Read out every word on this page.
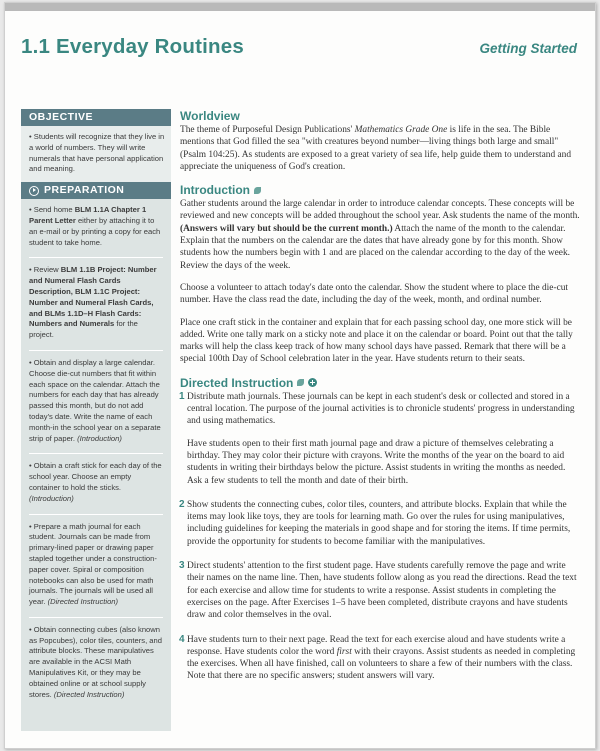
1.1 Everyday Routines	Getting Started
OBJECTIVE
• Students will recognize that they live in a world of numbers. They will write numerals that have personal application and meaning.
PREPARATION
• Send home BLM 1.1A Chapter 1 Parent Letter either by attaching it to an e-mail or by printing a copy for each student to take home.
• Review BLM 1.1B Project: Number and Numeral Flash Cards Description, BLM 1.1C Project: Number and Numeral Flash Cards, and BLMs 1.1D–H Flash Cards: Numbers and Numerals for the project.
• Obtain and display a large calendar. Choose die-cut numbers that fit within each space on the calendar. Attach the numbers for each day that has already passed this month, but do not add today's date. Write the name of each month-in the school year on a separate strip of paper. (Introduction)
• Obtain a craft stick for each day of the school year. Choose an empty container to hold the sticks. (Introduction)
• Prepare a math journal for each student. Journals can be made from primary-lined paper or drawing paper stapled together under a construction-paper cover. Spiral or composition notebooks can also be used for math journals. The journals will be used all year. (Directed Instruction)
• Obtain connecting cubes (also known as Popcubes), color tiles, counters, and attribute blocks. These manipulatives are available in the ACSI Math Manipulatives Kit, or they may be obtained online or at school supply stores. (Directed Instruction)
Worldview

The theme of Purposeful Design Publications' Mathematics Grade One is life in the sea. The Bible mentions that God filled the sea "with creatures beyond number—living things both large and small" (Psalm 104:25). As students are exposed to a great variety of sea life, help guide them to understand and appreciate the uniqueness of God's creation.

Introduction

Gather students around the large calendar in order to introduce calendar concepts. These concepts will be reviewed and new concepts will be added throughout the school year. Ask students the name of the month. (Answers will vary but should be the current month.) Attach the name of the month to the calendar. Explain that the numbers on the calendar are the dates that have already gone by for this month. Show students how the numbers begin with 1 and are placed on the calendar according to the day of the week. Review the days of the week.

Choose a volunteer to attach today's date onto the calendar. Show the student where to place the die-cut number. Have the class read the date, including the day of the week, month, and ordinal number.

Place one craft stick in the container and explain that for each passing school day, one more stick will be added. Write one tally mark on a sticky note and place it on the calendar or board. Point out that the tally marks will help the class keep track of how many school days have passed. Remark that there will be a special 100th Day of School celebration later in the year. Have students return to their seats.

Directed Instruction
1 Distribute math journals. These journals can be kept in each student's desk or collected and stored in a central location. The purpose of the journal activities is to chronicle students' progress in understanding and using mathematics.

Have students open to their first math journal page and draw a picture of themselves celebrating a birthday. They may color their picture with crayons. Write the months of the year on the board to aid students in writing their birthdays below the picture. Assist students in writing the months as needed. Ask a few students to tell the month and date of their birth.

2 Show students the connecting cubes, color tiles, counters, and attribute blocks. Explain that while the items may look like toys, they are tools for learning math. Go over the rules for using manipulatives, including guidelines for keeping the materials in good shape and for storing the items. If time permits, provide the opportunity for students to become familiar with the manipulatives.

3 Direct students' attention to the first student page. Have students carefully remove the page and write their names on the name line. Then, have students follow along as you read the directions. Read the text for each exercise and allow time for students to write a response. Assist students in completing the exercises on the page. After Exercises 1–5 have been completed, distribute crayons and have students draw and color themselves in the oval.

4 Have students turn to their next page. Read the text for each exercise aloud and have students write a response. Have students color the word first with their crayons. Assist students as needed in completing the exercises. When all have finished, call on volunteers to share a few of their numbers with the class. Note that there are no specific answers; student answers will vary.
